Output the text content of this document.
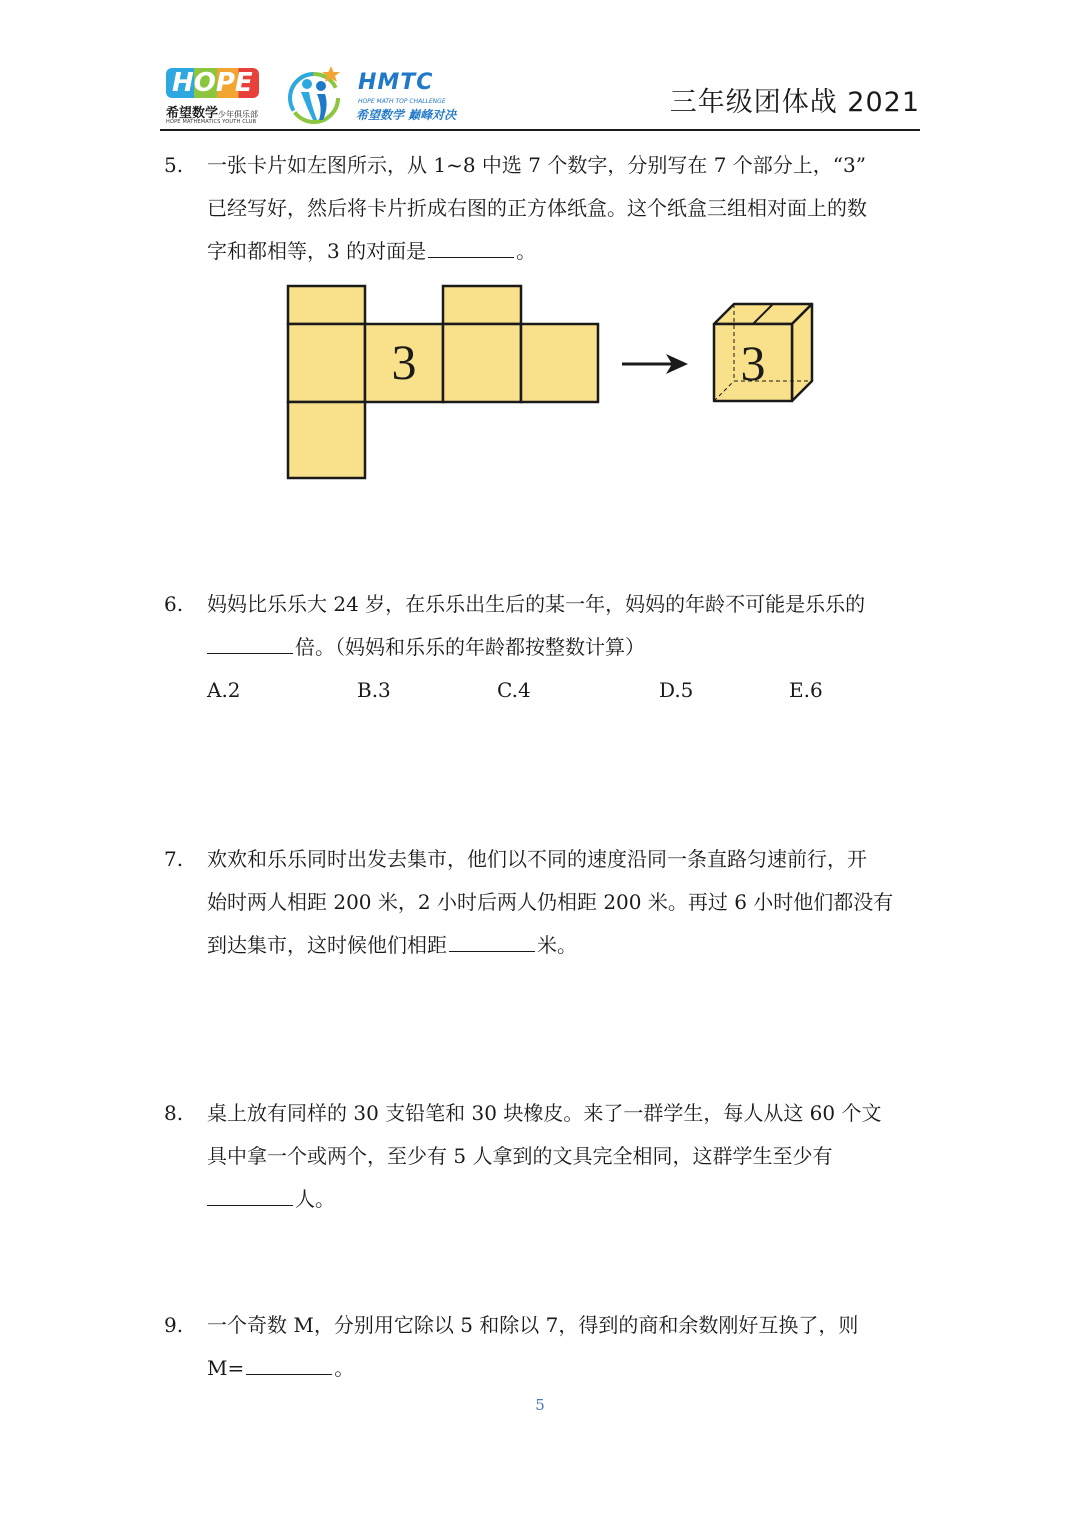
HOPE
希望数学少年俱乐部
HOPE MATHEMATICS YOUTH CLUB
HMTC
HOPE MATH TOP CHALLENGE
希望数学 巅峰对决	三年级团体战 2021
5. 一张卡片如左图所示，从 1~8 中选 7 个数字，分别写在 7 个部分上，“3”
已经写好，然后将卡片折成右图的正方体纸盒。这个纸盒三组相对面上的数
字和都相等，3 的对面是	。
3	3
6. 妈妈比乐乐大 24 岁，在乐乐出生后的某一年，妈妈的年龄不可能是乐乐的
倍。（妈妈和乐乐的年龄都按整数计算）
A.2	B.3	C.4	D.5	E.6
7. 欢欢和乐乐同时出发去集市，他们以不同的速度沿同一条直路匀速前行，开
始时两人相距 200 米，2 小时后两人仍相距 200 米。再过 6 小时他们都没有
到达集市，这时候他们相距	米。
8. 桌上放有同样的 30 支铅笔和 30 块橡皮。来了一群学生，每人从这 60 个文
具中拿一个或两个，至少有 5 人拿到的文具完全相同，这群学生至少有
人。
9. 一个奇数 M，分别用它除以 5 和除以 7，得到的商和余数刚好互换了，则
M=	。
5
